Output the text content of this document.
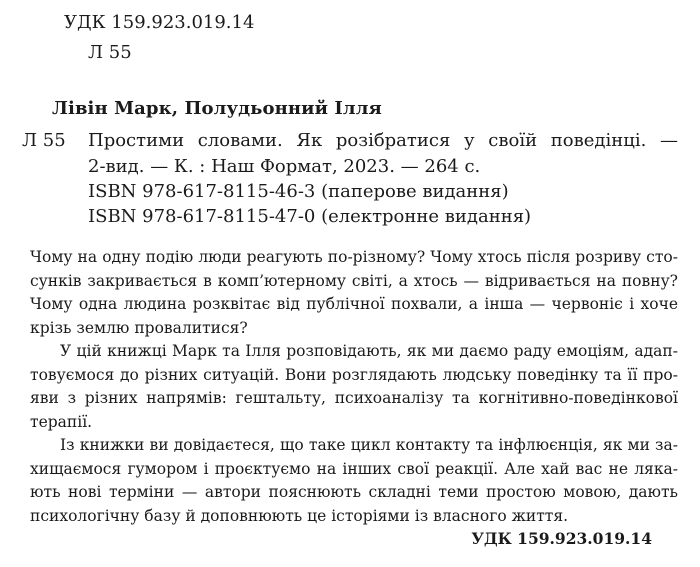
УДК 159.923.019.14
Л 55
Лівін Марк, Полудьонний Ілля
Л 55 Простими словами. Як розібратися у своїй поведінці. —
2-вид. — К. : Наш Формат, 2023. — 264 с.
ISBN 978-617-8115-46-3 (паперове видання)
ISBN 978-617-8115-47-0 (електронне видання)
Чому на одну подію люди реагують по-різному? Чому хтось після розриву сто-
сунків закривається в комп’ютерному світі, а хтось — відривається на повну?
Чому одна людина розквітає від публічної похвали, а інша — червоніє і хоче
крізь землю провалитися?
У цій книжці Марк та Ілля розповідають, як ми даємо раду емоціям, адап-
товуємося до різних ситуацій. Вони розглядають людську поведінку та її про-
яви з різних напрямів: гештальту, психоаналізу та когнітивно-поведінкової
терапії.
Із книжки ви довідаєтеся, що таке цикл контакту та інфлюєнція, як ми за-
хищаємося гумором і проєктуємо на інших свої реакції. Але хай вас не ляка-
ють нові терміни — автори пояснюють складні теми простою мовою, дають
психологічну базу й доповнюють це історіями із власного життя.
УДК 159.923.019.14
